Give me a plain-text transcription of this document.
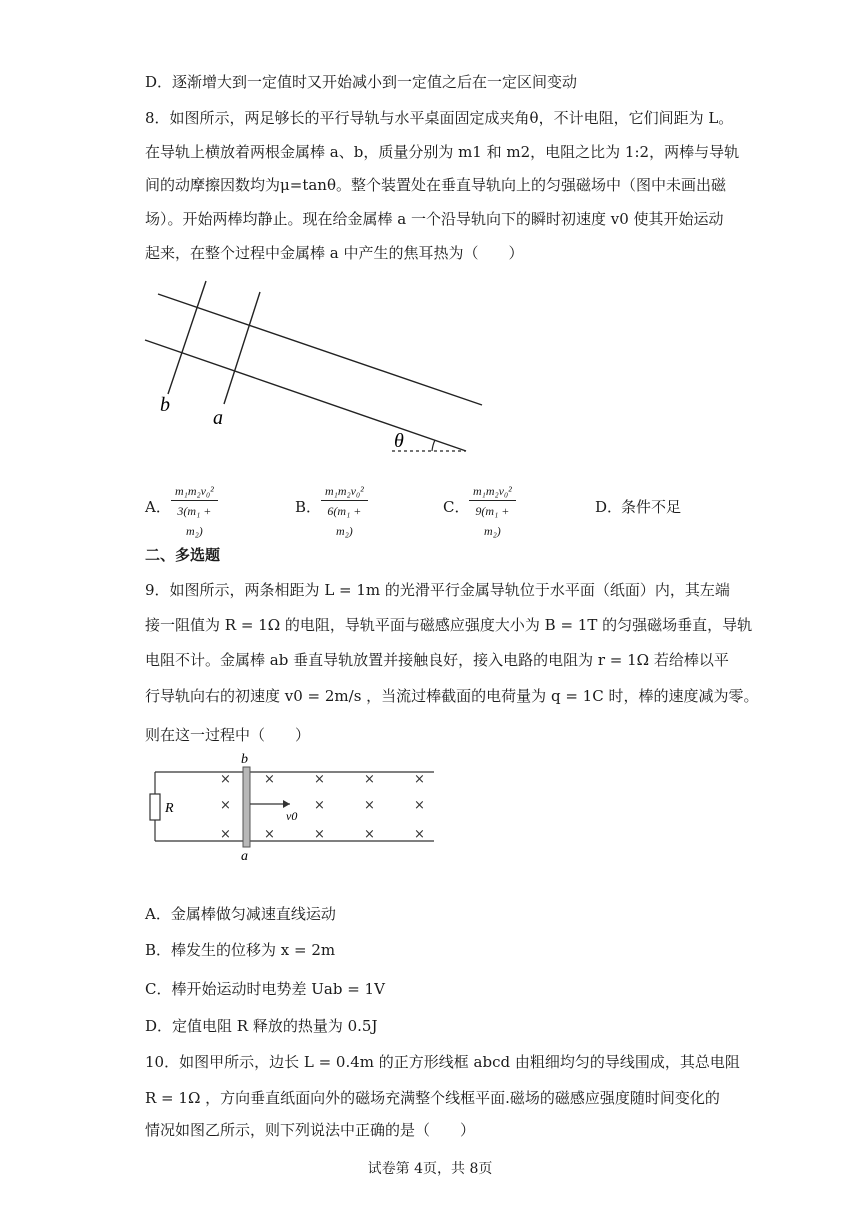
D．逐渐增大到一定值时又开始减小到一定值之后在一定区间变动
8．如图所示，两足够长的平行导轨与水平桌面固定成夹角θ，不计电阻，它们间距为 L。
在导轨上横放着两根金属棒 a、b，质量分别为 m1 和 m2，电阻之比为 1:2，两棒与导轨
间的动摩擦因数均为μ=tanθ。整个装置处在垂直导轨向上的匀强磁场中（图中未画出磁
场）。开始两棒均静止。现在给金属棒 a 一个沿导轨向下的瞬时初速度 v0 使其开始运动
起来，在整个过程中金属棒 a 中产生的焦耳热为（　　）
b
a
θ
A．
m₁m₂v₀²
3(m₁ + m₂)
B．
m₁m₂v₀²
6(m₁ + m₂)
C．
m₁m₂v₀²
9(m₁ + m₂)
D．
条件不足
二、多选题
9．如图所示，两条相距为 L = 1m 的光滑平行金属导轨位于水平面（纸面）内，其左端
接一阻值为 R = 1Ω 的电阻，导轨平面与磁感应强度大小为 B = 1T 的匀强磁场垂直，导轨
电阻不计。金属棒 ab 垂直导轨放置并接触良好，接入电路的电阻为 r = 1Ω 若给棒以平
行导轨向右的初速度 v0 = 2m/s ，当流过棒截面的电荷量为 q = 1C 时，棒的速度减为零。
则在这一过程中（　　）
R
b
a
v0
×
×
×
×
×
×
×
×
×
×
×
×
×
×
A．金属棒做匀减速直线运动
B．棒发生的位移为 x = 2m
C．棒开始运动时电势差 Uab = 1V
D．定值电阻 R 释放的热量为 0.5J
10．如图甲所示，边长 L = 0.4m 的正方形线框 abcd 由粗细均匀的导线围成，其总电阻
R = 1Ω ，方向垂直纸面向外的磁场充满整个线框平面.磁场的磁感应强度随时间变化的
情况如图乙所示，则下列说法中正确的是（　　）
试卷第 4页，共 8页
